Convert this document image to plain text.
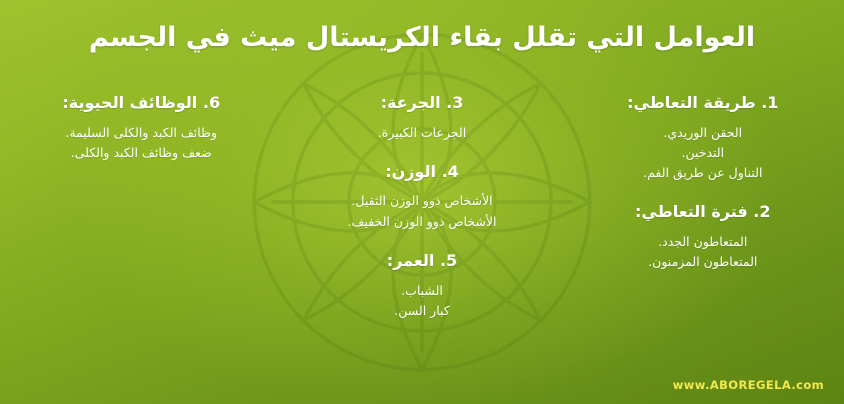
العوامل التي تقلل بقاء الكريستال ميث في الجسم
1. طريقة التعاطي:
الحقن الوريدي.
التدخين.
التناول عن طريق الفم.
2. فترة التعاطي:
المتعاطون الجدد.
المتعاطون المزمنون.
3. الجرعة:
الجرعات الكبيرة.
4. الوزن:
الأشخاص ذوو الوزن الثقيل.
الأشخاص ذوو الوزن الخفيف.
5. العمر:
الشباب.
كبار السن.
6. الوظائف الحيوية:
وظائف الكبد والكلى السليمة.
ضعف وظائف الكبد والكلى.
www.ABOREGELA.com
